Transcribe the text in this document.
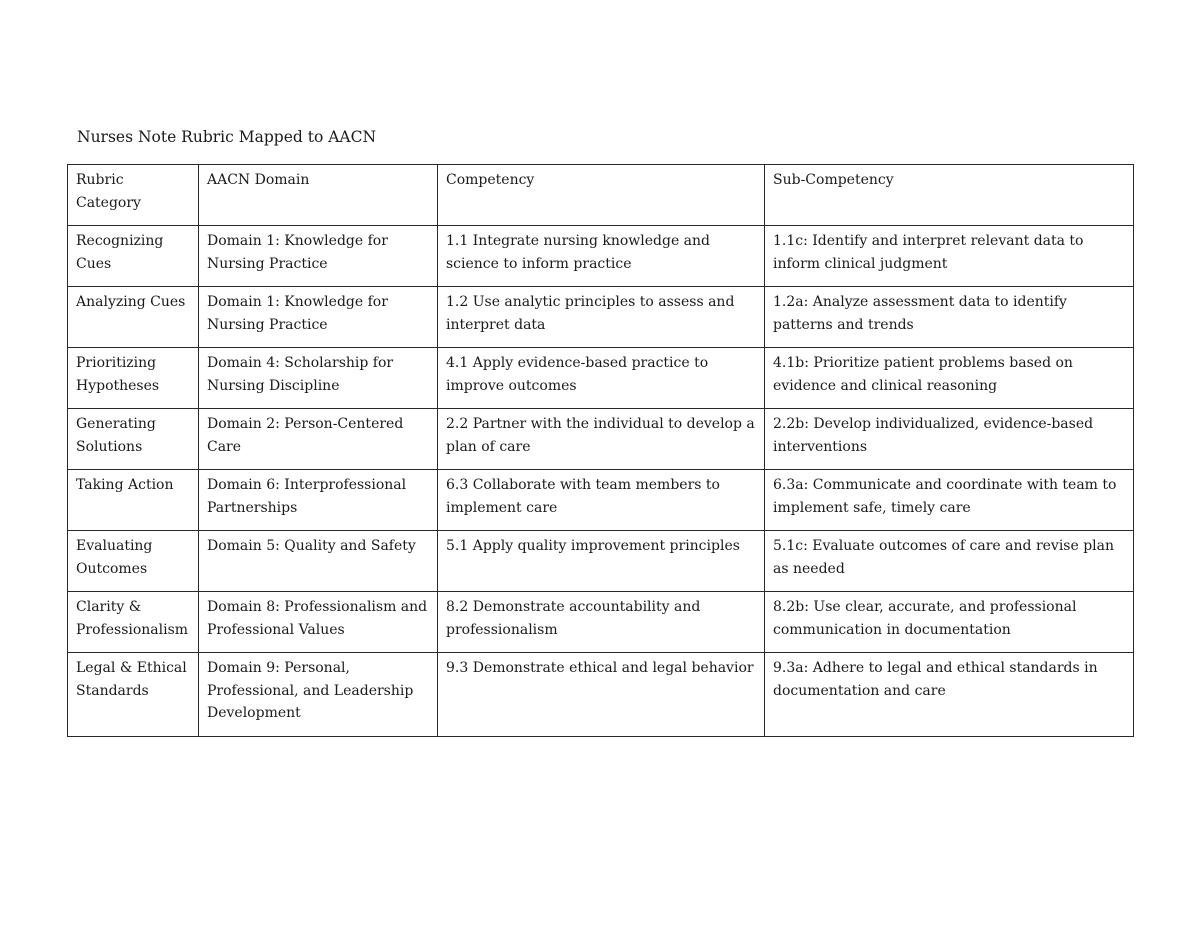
Nurses Note Rubric Mapped to AACN
Rubric Category	AACN Domain	Competency	Sub-Competency
Recognizing Cues	Domain 1: Knowledge for Nursing Practice	1.1 Integrate nursing knowledge and science to inform practice	1.1c: Identify and interpret relevant data to inform clinical judgment
Analyzing Cues	Domain 1: Knowledge for Nursing Practice	1.2 Use analytic principles to assess and interpret data	1.2a: Analyze assessment data to identify patterns and trends
Prioritizing Hypotheses	Domain 4: Scholarship for Nursing Discipline	4.1 Apply evidence-based practice to improve outcomes	4.1b: Prioritize patient problems based on evidence and clinical reasoning
Generating Solutions	Domain 2: Person-Centered Care	2.2 Partner with the individual to develop a plan of care	2.2b: Develop individualized, evidence-based interventions
Taking Action	Domain 6: Interprofessional Partnerships	6.3 Collaborate with team members to implement care	6.3a: Communicate and coordinate with team to implement safe, timely care
Evaluating Outcomes	Domain 5: Quality and Safety	5.1 Apply quality improvement principles	5.1c: Evaluate outcomes of care and revise plan as needed
Clarity & Professionalism	Domain 8: Professionalism and Professional Values	8.2 Demonstrate accountability and professionalism	8.2b: Use clear, accurate, and professional communication in documentation
Legal & Ethical Standards	Domain 9: Personal, Professional, and Leadership Development	9.3 Demonstrate ethical and legal behavior	9.3a: Adhere to legal and ethical standards in documentation and care
